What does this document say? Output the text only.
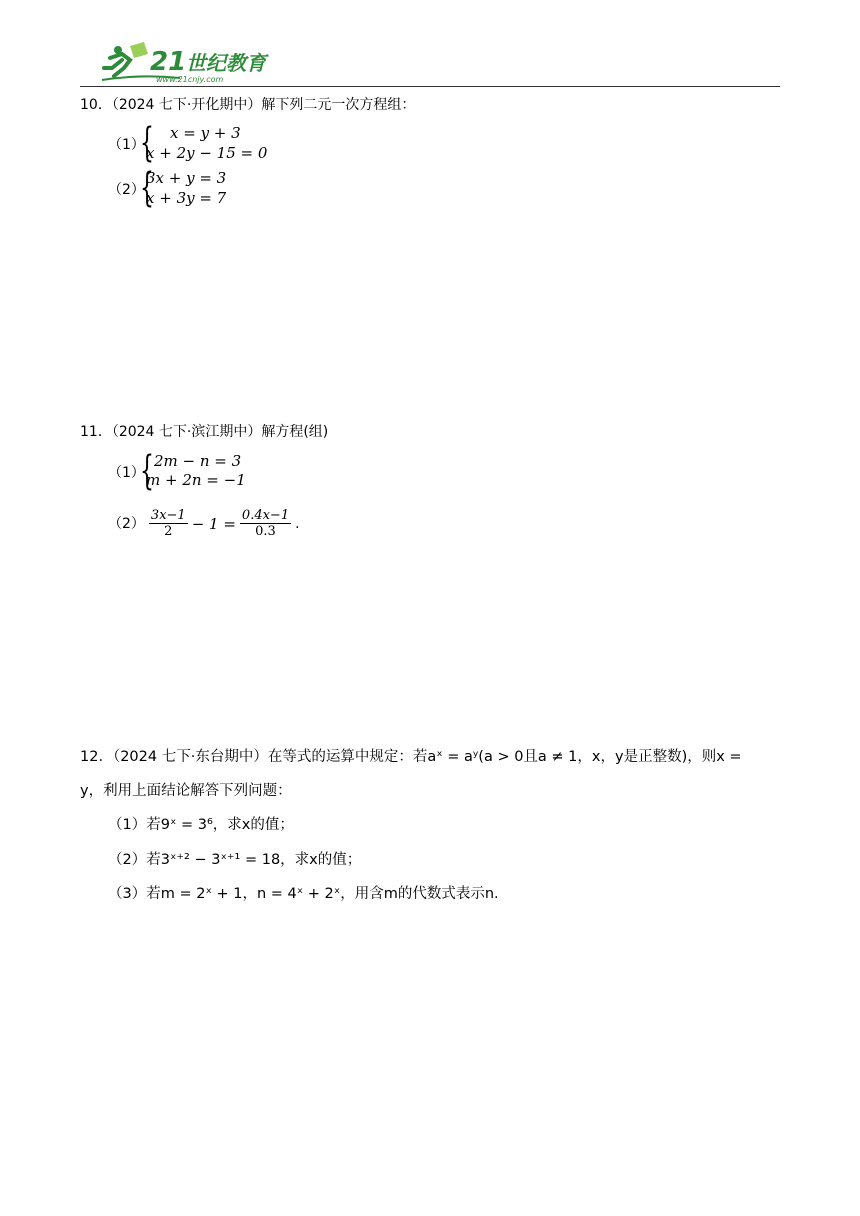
21 世纪教育
www.21cnjy.com
10．（2024 七下·开化期中）解下列二元一次方程组：
（1）
{ x = y + 3
x + 2y − 15 = 0
（2）
{
3x + y = 3
x + 3y = 7
11．（2024 七下·滨江期中）解方程(组)
（1）
{ 2m − n = 3
m + 2n = −1
$(2) \frac{3x-1}{2} - 1 = \frac{0.4x-1}{0.3}$ .
12．（2024 七下·东台期中）在等式的运算中规定：若aˣ = aʸ(a > 0且a ≠ 1，x，y是正整数)，则x =
y，利用上面结论解答下列问题：
（1）若9ˣ = 3⁶，求x的值；
（2）若3ˣ⁺² − 3ˣ⁺¹ = 18，求x的值；
（3）若m = 2ˣ + 1，n = 4ˣ + 2ˣ，用含m的代数式表示n.
